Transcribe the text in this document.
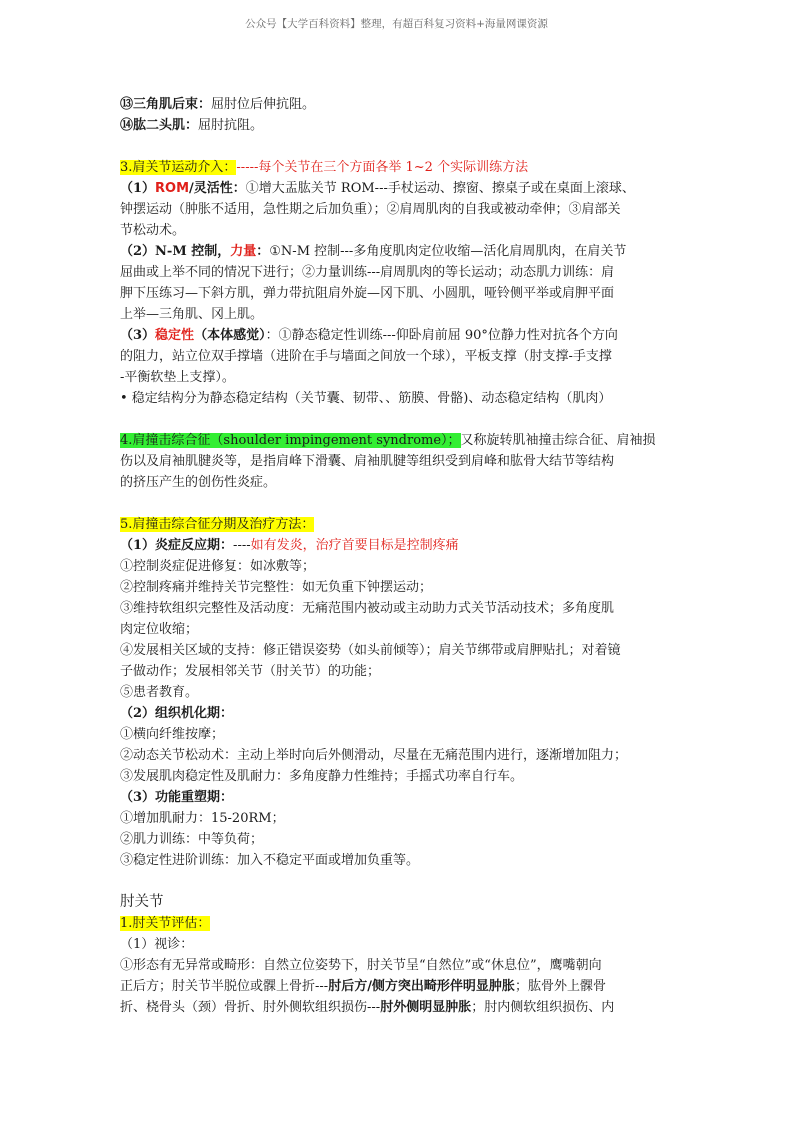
公众号【大学百科资料】整理，有超百科复习资料+海量网课资源
⑬三角肌后束：屈肘位后伸抗阻。
⑭肱二头肌：屈肘抗阻。
3.肩关节运动介入：-----每个关节在三个方面各举 1~2 个实际训练方法
（1）ROM/灵活性：①增大盂肱关节 ROM---手杖运动、擦窗、擦桌子或在桌面上滚球、
钟摆运动（肿胀不适用，急性期之后加负重）；②肩周肌肉的自我或被动牵伸；③肩部关
节松动术。
（2）N-M 控制，力量：①N-M 控制---多角度肌肉定位收缩—活化肩周肌肉，在肩关节
屈曲或上举不同的情况下进行；②力量训练---肩周肌肉的等长运动；动态肌力训练：肩
胛下压练习—下斜方肌，弹力带抗阻肩外旋—冈下肌、小圆肌，哑铃侧平举或肩胛平面
上举—三角肌、冈上肌。
（3）稳定性（本体感觉）：①静态稳定性训练---仰卧肩前屈 90°位静力性对抗各个方向
的阻力，站立位双手撑墙（进阶在手与墙面之间放一个球），平板支撑（肘支撑-手支撑
-平衡软垫上支撑）。
• 稳定结构分为静态稳定结构（关节囊、韧带、、筋膜、骨骼)、动态稳定结构（肌肉）
4.肩撞击综合征（shoulder impingement syndrome）；又称旋转肌袖撞击综合征、肩袖损
伤以及肩袖肌腱炎等，是指肩峰下滑囊、肩袖肌腱等组织受到肩峰和肱骨大结节等结构
的挤压产生的创伤性炎症。
5.肩撞击综合征分期及治疗方法：
（1）炎症反应期：----如有发炎，治疗首要目标是控制疼痛
①控制炎症促进修复：如冰敷等；
②控制疼痛并维持关节完整性：如无负重下钟摆运动；
③维持软组织完整性及活动度：无痛范围内被动或主动助力式关节活动技术；多角度肌
肉定位收缩；
④发展相关区域的支持：修正错误姿势（如头前倾等）；肩关节绑带或肩胛贴扎；对着镜
子做动作；发展相邻关节（肘关节）的功能；
⑤患者教育。
（2）组织机化期：
①横向纤维按摩；
②动态关节松动术：主动上举时向后外侧滑动，尽量在无痛范围内进行，逐渐增加阻力；
③发展肌肉稳定性及肌耐力：多角度静力性维持；手摇式功率自行车。
（3）功能重塑期：
①增加肌耐力：15-20RM；
②肌力训练：中等负荷；
③稳定性进阶训练：加入不稳定平面或增加负重等。
肘关节
1.肘关节评估：
（1）视诊：
①形态有无异常或畸形：自然立位姿势下，肘关节呈“自然位”或“休息位”，鹰嘴朝向
正后方；肘关节半脱位或髁上骨折---肘后方/侧方突出畸形伴明显肿胀；肱骨外上髁骨
折、桡骨头（颈）骨折、肘外侧软组织损伤---肘外侧明显肿胀；肘内侧软组织损伤、内
